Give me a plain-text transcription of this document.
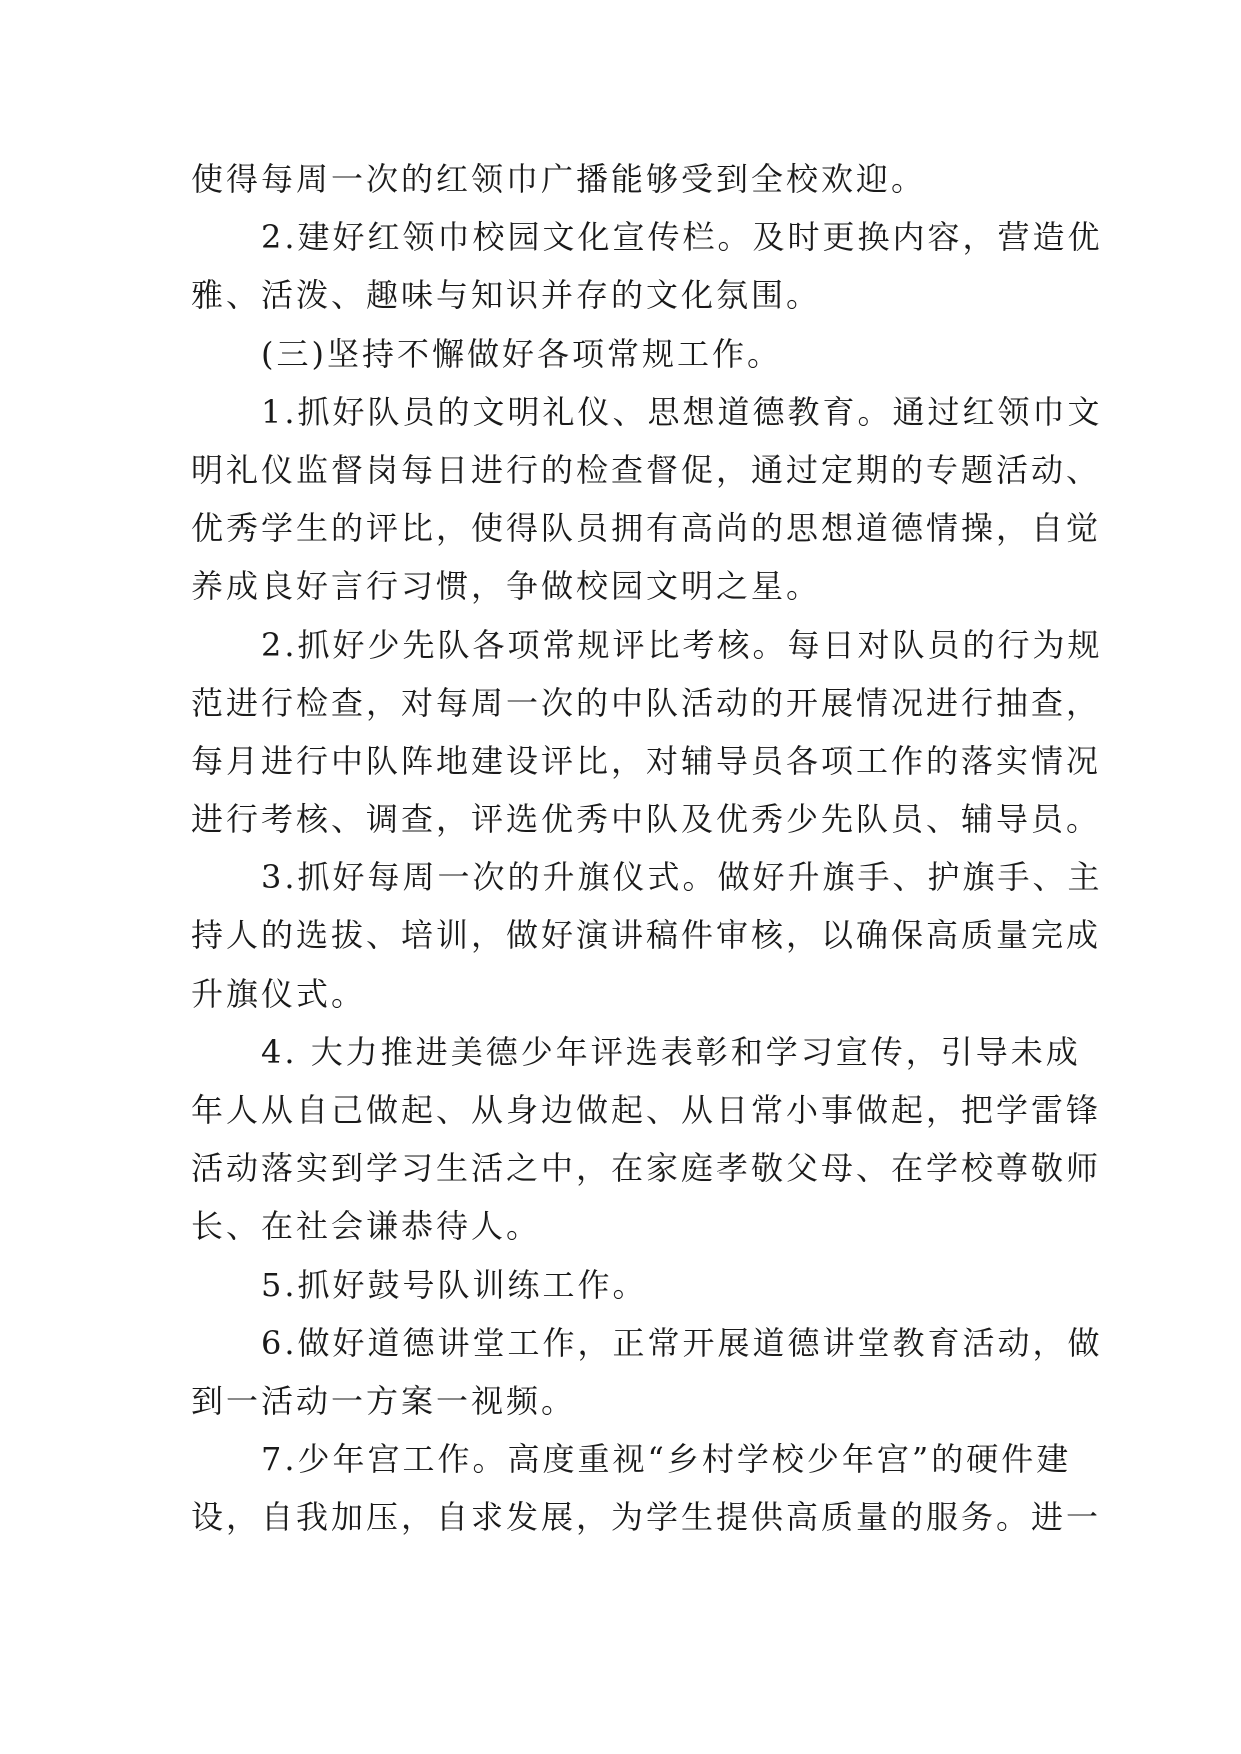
使得每周一次的红领巾广播能够受到全校欢迎。
　　2.建好红领巾校园文化宣传栏。及时更换内容，营造优
雅、活泼、趣味与知识并存的文化氛围。
　　(三)坚持不懈做好各项常规工作。
　　1.抓好队员的文明礼仪、思想道德教育。通过红领巾文
明礼仪监督岗每日进行的检查督促，通过定期的专题活动、
优秀学生的评比，使得队员拥有高尚的思想道德情操，自觉
养成良好言行习惯，争做校园文明之星。
　　2.抓好少先队各项常规评比考核。每日对队员的行为规
范进行检查，对每周一次的中队活动的开展情况进行抽查，
每月进行中队阵地建设评比，对辅导员各项工作的落实情况
进行考核、调查，评选优秀中队及优秀少先队员、辅导员。
　　3.抓好每周一次的升旗仪式。做好升旗手、护旗手、主
持人的选拔、培训，做好演讲稿件审核，以确保高质量完成
升旗仪式。
　　4. 大力推进美德少年评选表彰和学习宣传，引导未成
年人从自己做起、从身边做起、从日常小事做起，把学雷锋
活动落实到学习生活之中，在家庭孝敬父母、在学校尊敬师
长、在社会谦恭待人。
　　5.抓好鼓号队训练工作。
　　6.做好道德讲堂工作，正常开展道德讲堂教育活动，做
到一活动一方案一视频。
　　7.少年宫工作。高度重视“乡村学校少年宫”的硬件建
设，自我加压，自求发展，为学生提供高质量的服务。进一
